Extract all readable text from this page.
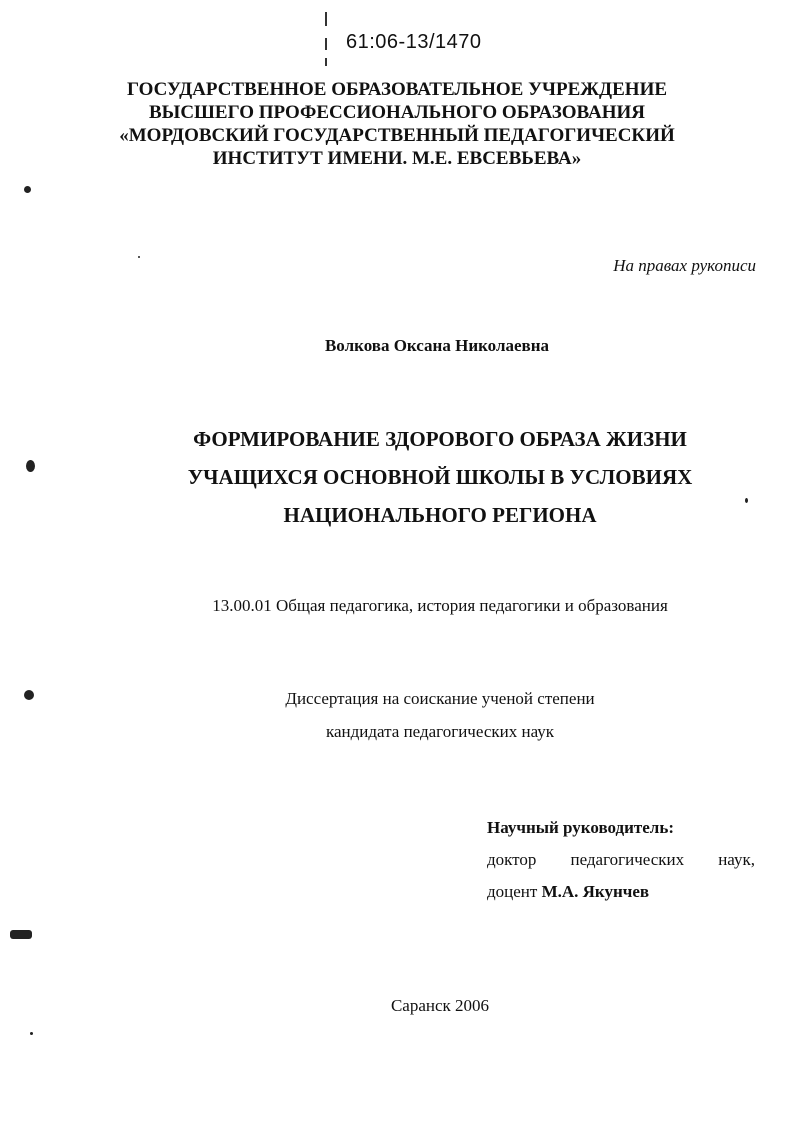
61:06-13/1470
ГОСУДАРСТВЕННОЕ ОБРАЗОВАТЕЛЬНОЕ УЧРЕЖДЕНИЕ
ВЫСШЕГО ПРОФЕССИОНАЛЬНОГО ОБРАЗОВАНИЯ
«МОРДОВСКИЙ ГОСУДАРСТВЕННЫЙ ПЕДАГОГИЧЕСКИЙ
ИНСТИТУТ ИМЕНИ. М.Е. ЕВСЕВЬЕВА»
На правах рукописи
Волкова Оксана Николаевна
ФОРМИРОВАНИЕ ЗДОРОВОГО ОБРАЗА ЖИЗНИ
УЧАЩИХСЯ ОСНОВНОЙ ШКОЛЫ В УСЛОВИЯХ
НАЦИОНАЛЬНОГО РЕГИОНА
13.00.01 Общая педагогика, история педагогики и образования
Диссертация на соискание ученой степени
кандидата педагогических наук
Научный руководитель:
доктор педагогических наук,
доцент М.А. Якунчев
Саранск 2006
